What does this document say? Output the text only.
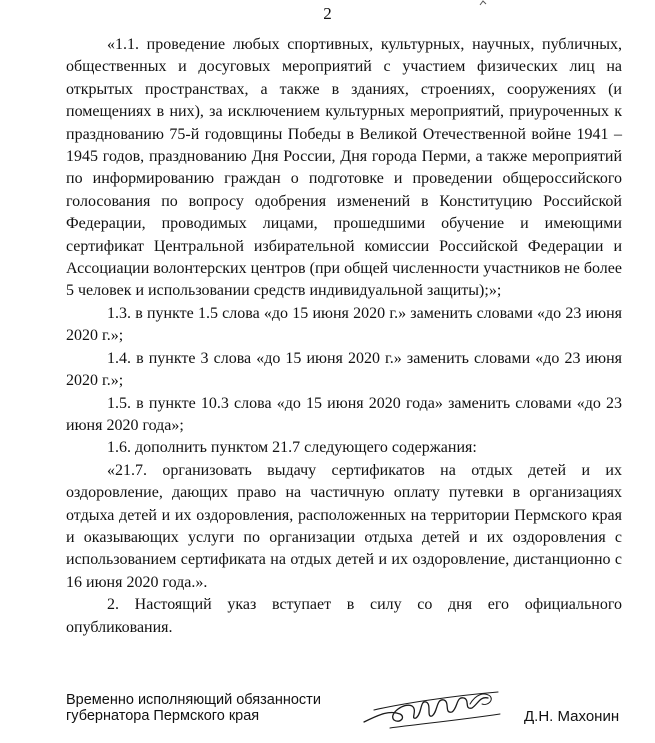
2

«1.1. проведение любых спортивных, культурных, научных, публичных, общественных и досуговых мероприятий с участием физических лиц на открытых пространствах, а также в зданиях, строениях, сооружениях (и помещениях в них), за исключением культурных мероприятий, приуроченных к празднованию 75-й годовщины Победы в Великой Отечественной войне 1941 – 1945 годов, празднованию Дня России, Дня города Перми, а также мероприятий по информированию граждан о подготовке и проведении общероссийского голосования по вопросу одобрения изменений в Конституцию Российской Федерации, проводимых лицами, прошедшими обучение и имеющими сертификат Центральной избирательной комиссии Российской Федерации и Ассоциации волонтерских центров (при общей численности участников не более 5 человек и использовании средств индивидуальной защиты);»;

1.3. в пункте 1.5 слова «до 15 июня 2020 г.» заменить словами «до 23 июня 2020 г.»;

1.4. в пункте 3 слова «до 15 июня 2020 г.» заменить словами «до 23 июня 2020 г.»;

1.5. в пункте 10.3 слова «до 15 июня 2020 года» заменить словами «до 23 июня 2020 года»;

1.6. дополнить пунктом 21.7 следующего содержания:

«21.7. организовать выдачу сертификатов на отдых детей и их оздоровление, дающих право на частичную оплату путевки в организациях отдыха детей и их оздоровления, расположенных на территории Пермского края и оказывающих услуги по организации отдыха детей и их оздоровления с использованием сертификата на отдых детей и их оздоровление, дистанционно с 16 июня 2020 года.».

2. Настоящий указ вступает в силу со дня его официального опубликования.

Временно исполняющий обязанности
губернатора Пермского края	Д.Н. Махонин
